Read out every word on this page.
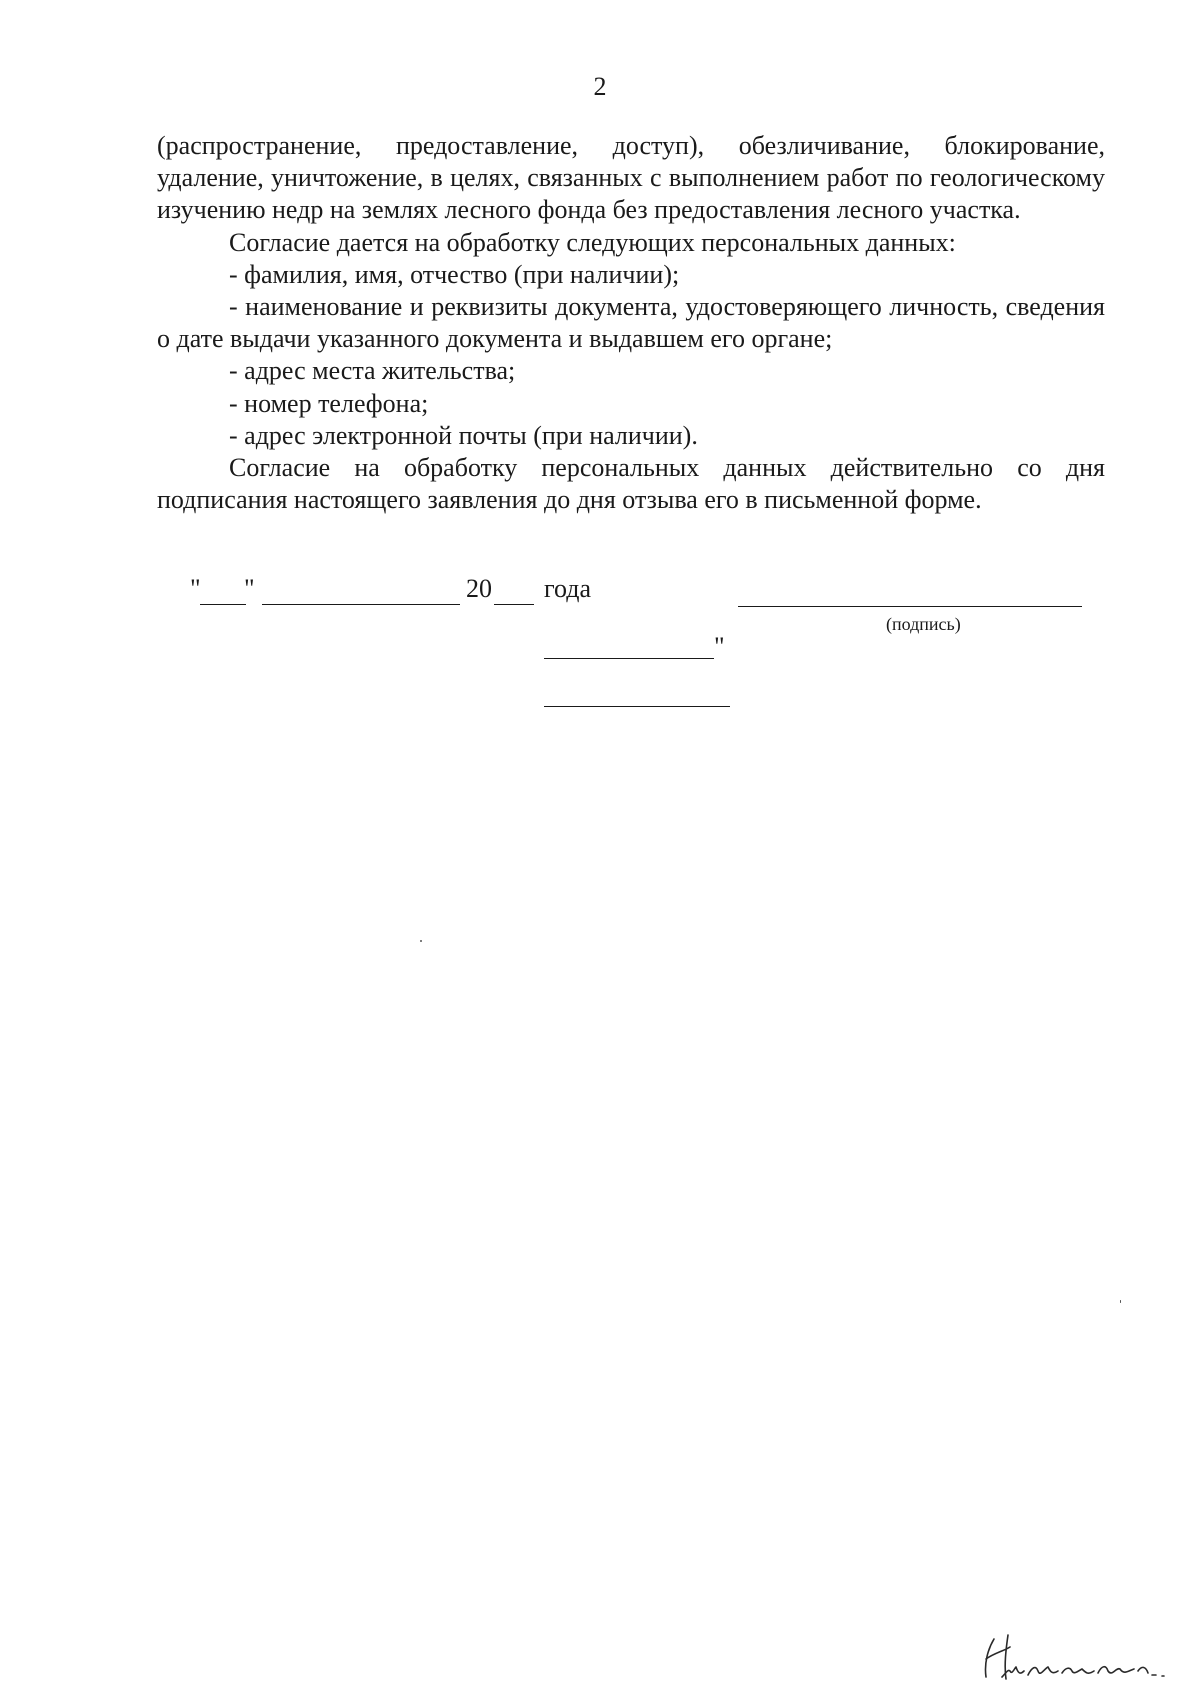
2

(распространение, предоставление, доступ), обезличивание, блокирование, удаление, уничтожение, в целях, связанных с выполнением работ по геологическому изучению недр на землях лесного фонда без предоставления лесного участка.

Согласие дается на обработку следующих персональных данных:

- фамилия, имя, отчество (при наличии);

- наименование и реквизиты документа, удостоверяющего личность, сведения о дате выдачи указанного документа и выдавшем его органе;

- адрес места жительства;

- номер телефона;

- адрес электронной почты (при наличии).

Согласие на обработку персональных данных действительно со дня подписания настоящего заявления до дня отзыва его в письменной форме.

" "	20 года
(подпись)
"
